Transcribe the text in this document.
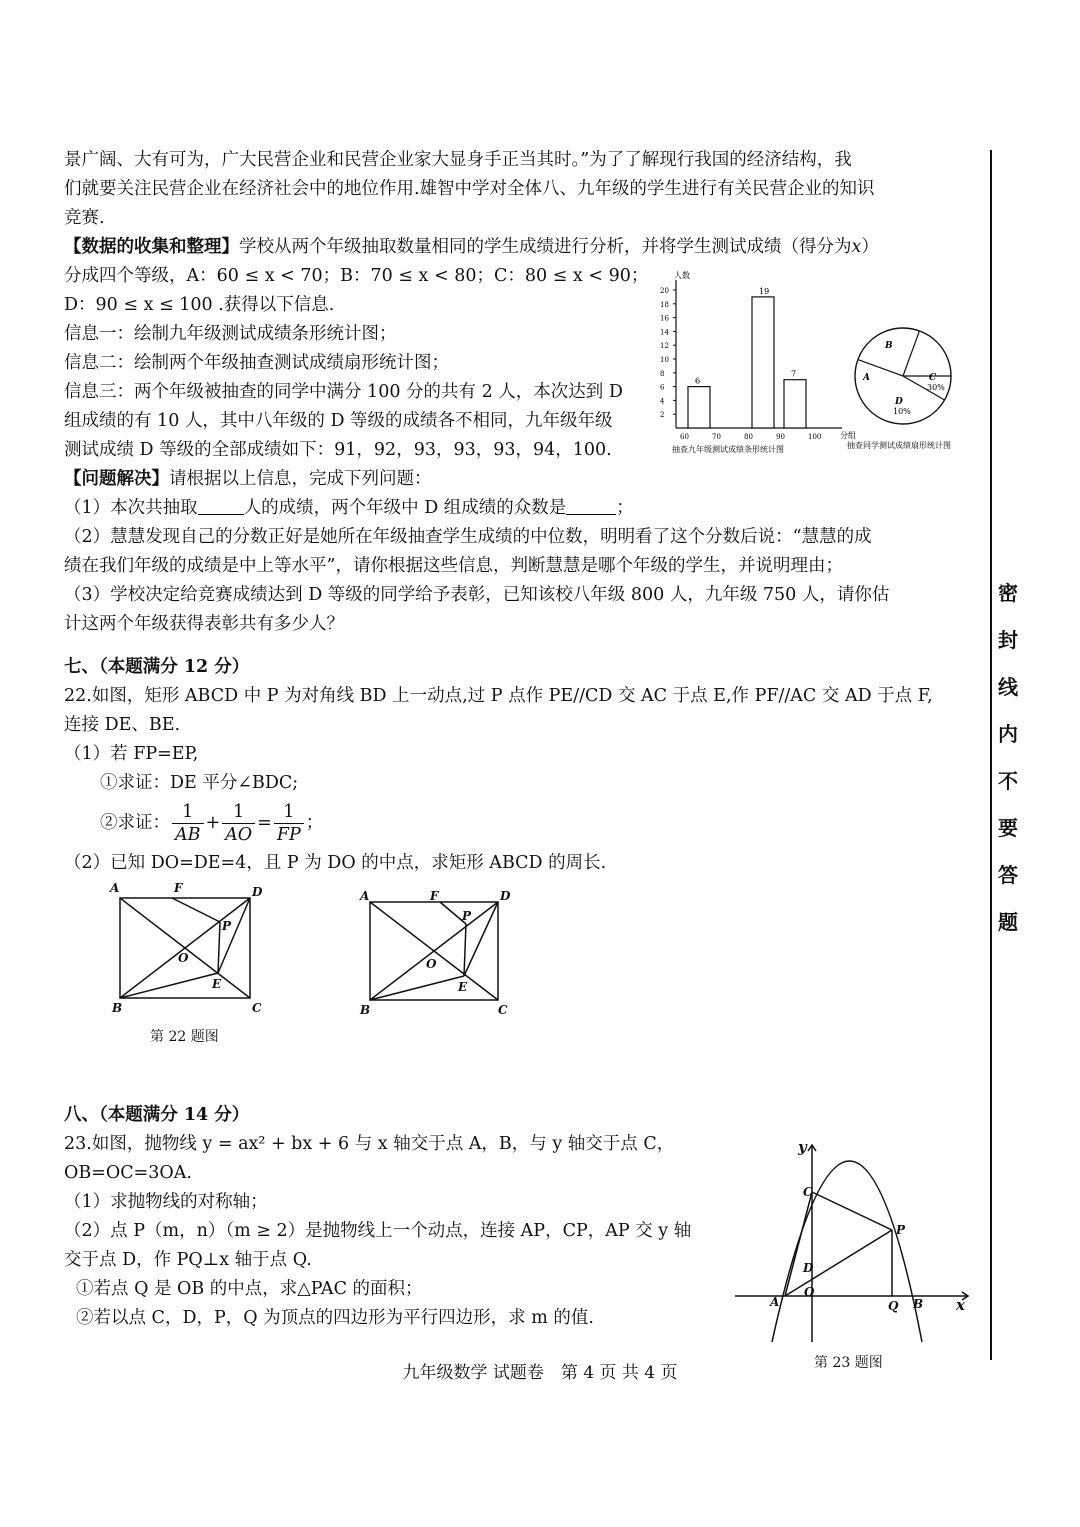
景广阔、大有可为，广大民营企业和民营企业家大显身手正当其时。”为了了解现行我国的经济结构，我
们就要关注民营企业在经济社会中的地位作用.雄智中学对全体八、九年级的学生进行有关民营企业的知识
竞赛.
【数据的收集和整理】学校从两个年级抽取数量相同的学生成绩进行分析，并将学生测试成绩（得分为x）
分成四个等级，A：60 ≤ x < 70；B：70 ≤ x < 80；C：80 ≤ x < 90；
D：90 ≤ x ≤ 100 .获得以下信息.
信息一：绘制九年级测试成绩条形统计图；
信息二：绘制两个年级抽查测试成绩扇形统计图；
信息三：两个年级被抽查的同学中满分 100 分的共有 2 人，本次达到 D
组成绩的有 10 人，其中八年级的 D 等级的成绩各不相同，九年级年级
测试成绩 D 等级的全部成绩如下：91，92，93，93，93，94，100.
【问题解决】请根据以上信息，完成下列问题：
（1）本次共抽取	人的成绩，两个年级中 D 组成绩的众数是	；
（2）慧慧发现自己的分数正好是她所在年级抽查学生成绩的中位数，明明看了这个分数后说：“慧慧的成
绩在我们年级的成绩是中上等水平”，请你根据这些信息，判断慧慧是哪个年级的学生，并说明理由；
（3）学校决定给竞赛成绩达到 D 等级的同学给予表彰，已知该校八年级 800 人，九年级 750 人，请你估
计这两个年级获得表彰共有多少人？
人数
分组
2
4
6
8
10
12
14
16
18
20
60	70	80	90	100
6
19
7
抽查九年级测试成绩条形统计图
B
A
D
10%
C
30%
抽查同学测试成绩扇形统计图
七、（本题满分 12 分）
22.如图，矩形 ABCD 中 P 为对角线 BD 上一动点,过 P 点作 PE//CD 交 AC 于点 E,作 PF//AC 交 AD 于点 F,
连接 DE、BE.
（1）若 FP=EP,
①求证：DE 平分∠BDC;
②求证： $\frac{1}{AB} + \frac{1}{AO} = \frac{1}{FP}$ ；
（2）已知 DO=DE=4，且 P 为 DO 的中点，求矩形 ABCD 的周长.
A	F	D
P
O
E
B	C
A	F	D
P
O
E
B	C
第 22 题图
八、（本题满分 14 分）
23.如图，抛物线 y = ax² + bx + 6 与 x 轴交于点 A，B，与 y 轴交于点 C，
OB=OC=3OA.
（1）求抛物线的对称轴；
（2）点 P（m，n）（m ≥ 2）是抛物线上一个动点，连接 AP，CP，AP 交 y 轴
交于点 D，作 PQ⊥x 轴于点 Q.
①若点 Q 是 OB 的中点，求△PAC 的面积；
②若以点 C，D，P，Q 为顶点的四边形为平行四边形，求 m 的值.
y
x
A
O
B
Q
C
D
P
第 23 题图
密
封
线
内
不
要
答
题
九年级数学 试题卷　第 4 页 共 4 页
